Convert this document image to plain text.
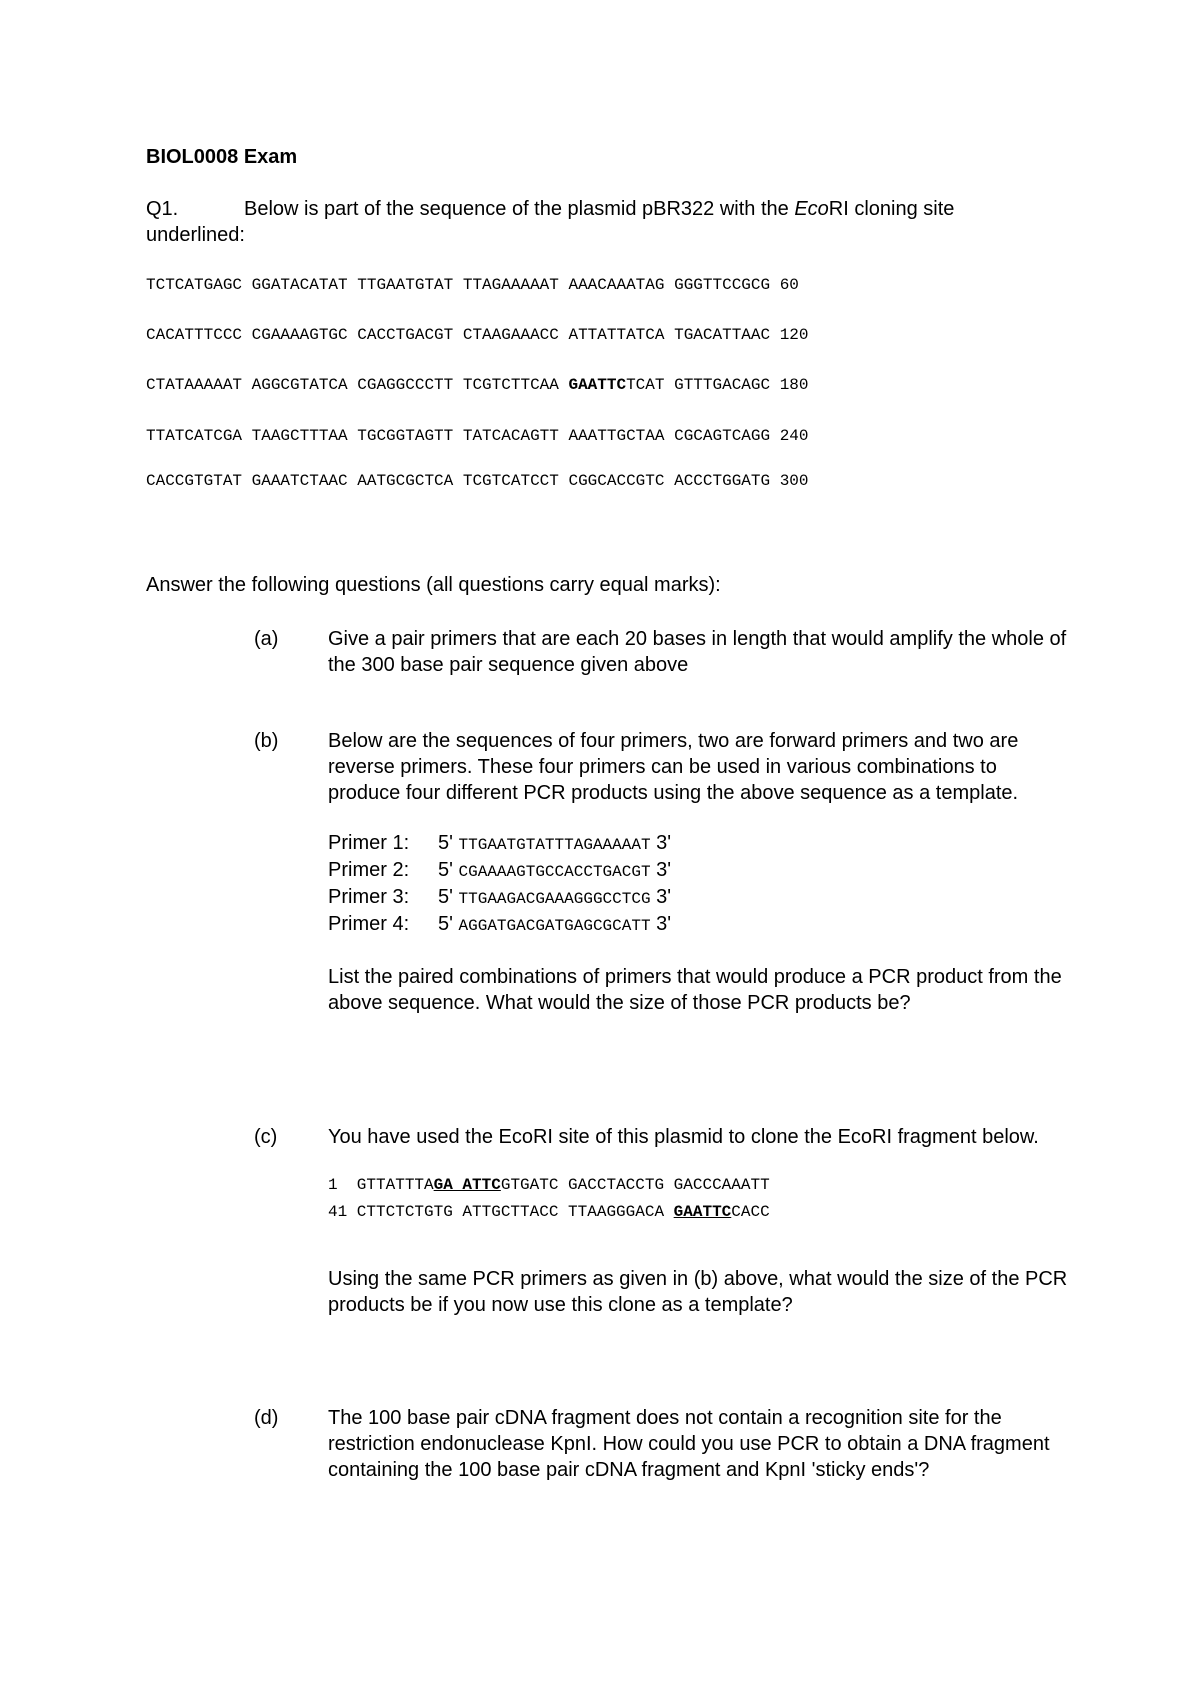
BIOL0008 Exam
Q1.	Below is part of the sequence of the plasmid pBR322 with the EcoRI cloning site underlined:
TCTCATGAGC GGATACATAT TTGAATGTAT TTAGAAAAAT AAACAAATAG GGGTTCCGCG 60
CACATTTCCC CGAAAAGTGC CACCTGACGT CTAAGAAACC ATTATTATCA TGACATTAAC 120
CTATAAAAAT AGGCGTATCA CGAGGCCCTT TCGTCTTCAA GAATTCTCAT GTTTGACAGC 180
TTATCATCGA TAAGCTTTAA TGCGGTAGTT TATCACAGTT AAATTGCTAA CGCAGTCAGG 240
CACCGTGTAT GAAATCTAAC AATGCGCTCA TCGTCATCCT CGGCACCGTC ACCCTGGATG 300
Answer the following questions (all questions carry equal marks):
(a) Give a pair primers that are each 20 bases in length that would amplify the whole of the 300 base pair sequence given above
(b) Below are the sequences of four primers, two are forward primers and two are reverse primers. These four primers can be used in various combinations to produce four different PCR products using the above sequence as a template.
Primer 1: 5' TTGAATGTATTTAGAAAAAT 3'
Primer 2: 5' CGAAAAGTGCCACCTGACGT 3'
Primer 3: 5' TTGAAGACGAAAGGGCCTCG 3'
Primer 4: 5' AGGATGACGATGAGCGCATT 3'
List the paired combinations of primers that would produce a PCR product from the above sequence. What would the size of those PCR products be?
(c)	You have used the EcoRI site of this plasmid to clone the EcoRI fragment below.
1  GTTATTTAGA ATTCGTGATC GACCTACCTG GACCCAAATT
41 CTTCTCTGTG ATTGCTTACC TTAAGGGACA GAATTCCACC
Using the same PCR primers as given in (b) above, what would the size of the PCR products be if you now use this clone as a template?
(d) The 100 base pair cDNA fragment does not contain a recognition site for the restriction endonuclease KpnI. How could you use PCR to obtain a DNA fragment containing the 100 base pair cDNA fragment and KpnI 'sticky ends'?
